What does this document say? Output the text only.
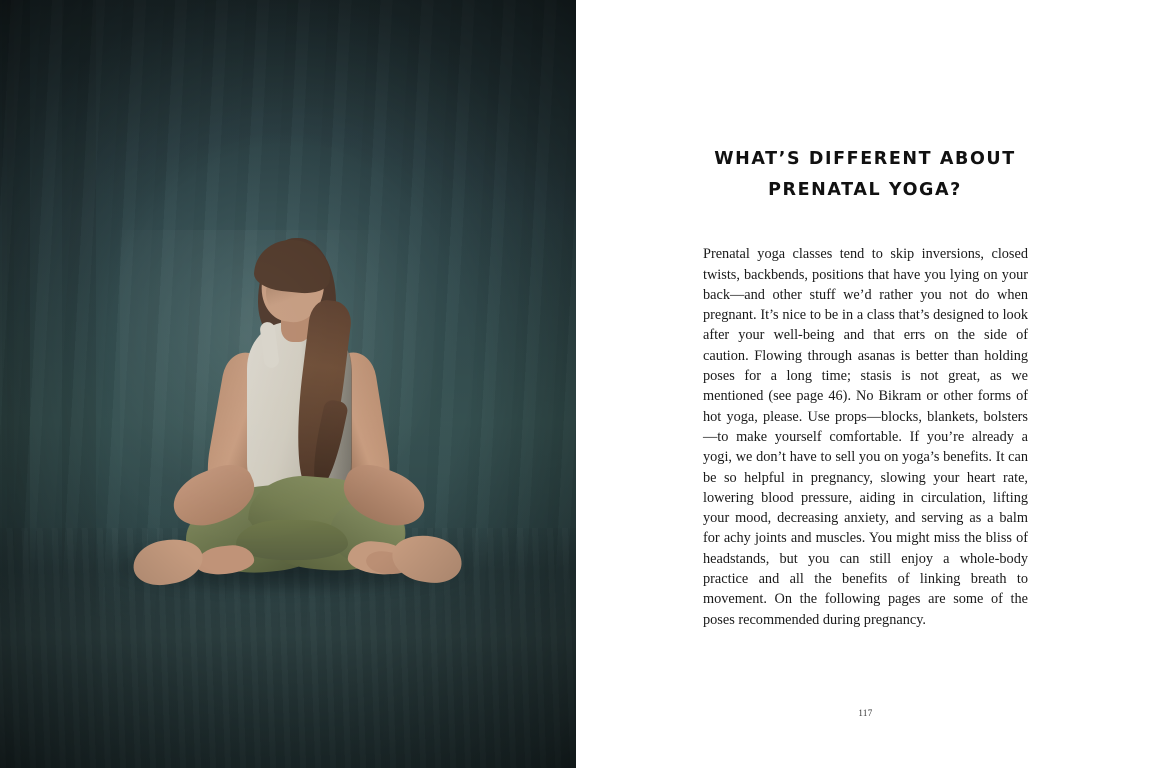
WHAT’S DIFFERENT ABOUT
PRENATAL YOGA?

Prenatal yoga classes tend to skip inversions, closed twists, backbends, positions that have you lying on your back—and other stuff we’d rather you not do when pregnant. It’s nice to be in a class that’s designed to look after your well-being and that errs on the side of caution. Flowing through asanas is better than holding poses for a long time; stasis is not great, as we mentioned (see page 46). No Bikram or other forms of hot yoga, please. Use props—blocks, blankets, bolsters—to make yourself comfortable. If you’re already a yogi, we don’t have to sell you on yoga’s benefits. It can be so helpful in pregnancy, slowing your heart rate, lowering blood pressure, aiding in circulation, lifting your mood, decreasing anxiety, and serving as a balm for achy joints and muscles. You might miss the bliss of headstands, but you can still enjoy a whole-body practice and all the benefits of linking breath to movement. On the following pages are some of the poses recommended during pregnancy.

117
